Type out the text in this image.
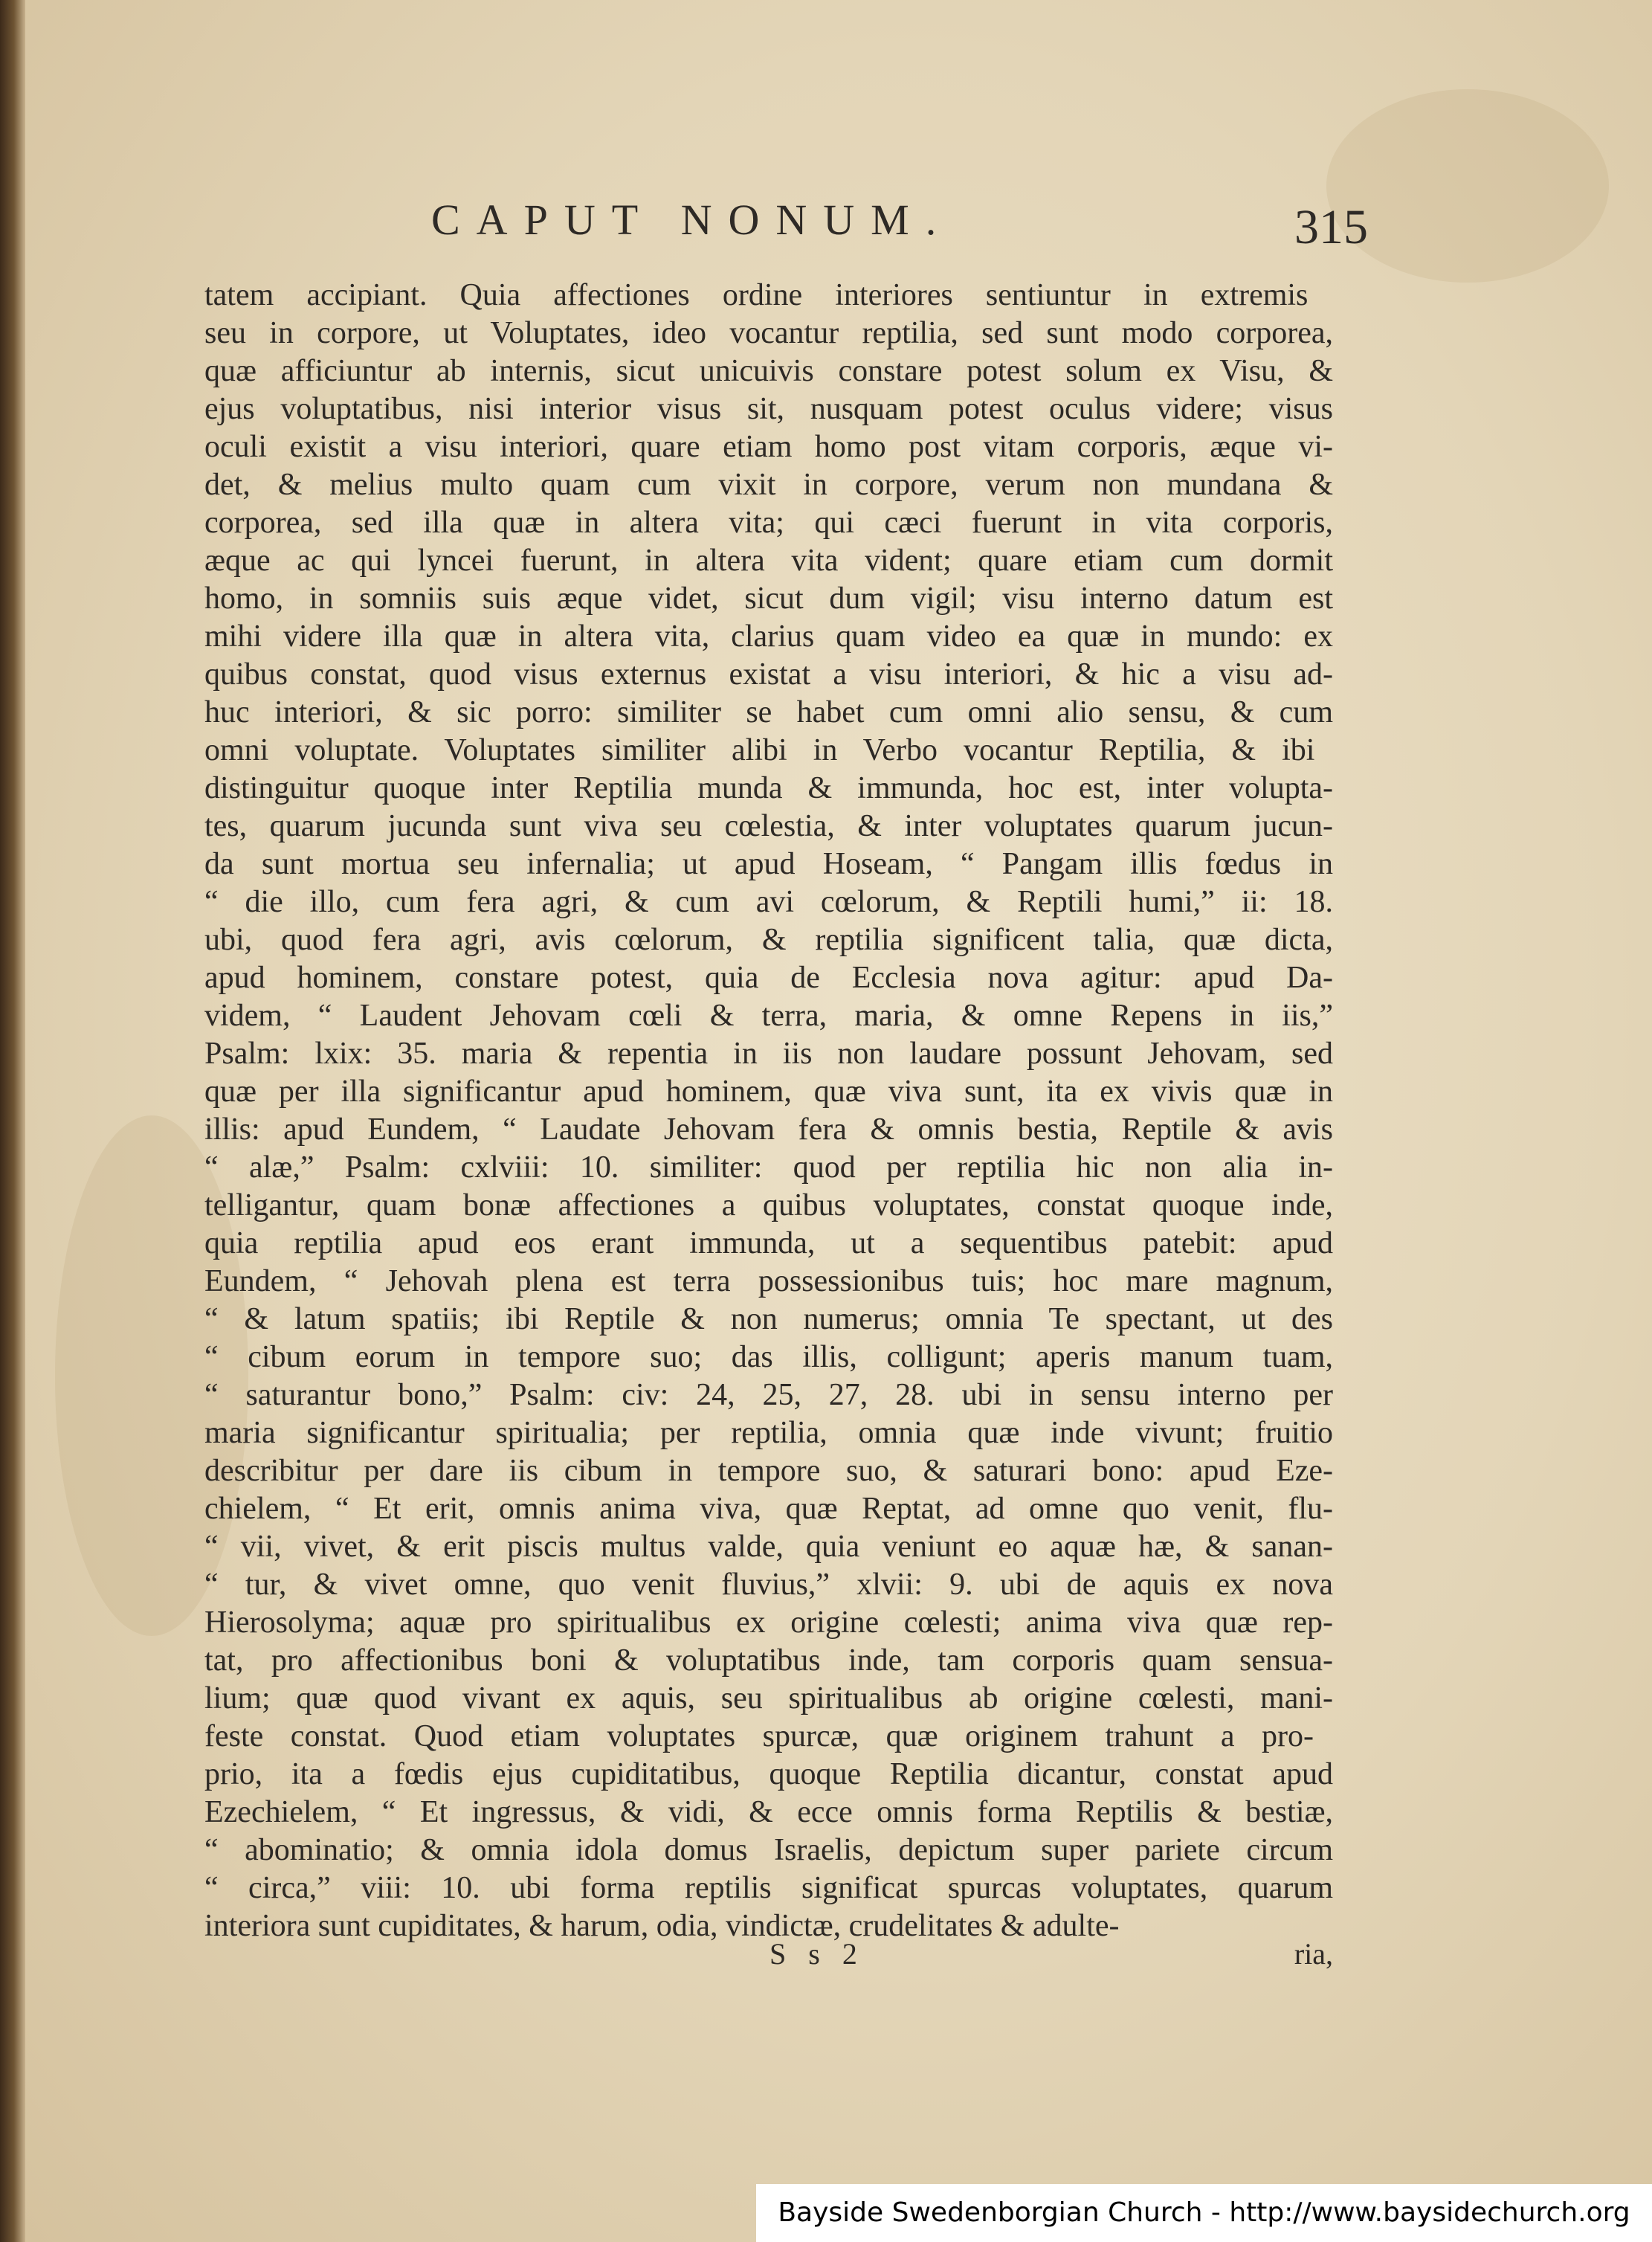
CAPUT NONUM.	315
tatem accipiant. Quia affectiones ordine interiores sentiuntur in extremis
seu in corpore, ut Voluptates, ideo vocantur reptilia, sed sunt modo corporea,
quæ afficiuntur ab internis, sicut unicuivis constare potest solum ex Visu, &
ejus voluptatibus, nisi interior visus sit, nusquam potest oculus videre; visus
oculi existit a visu interiori, quare etiam homo post vitam corporis, æque vi-
det, & melius multo quam cum vixit in corpore, verum non mundana &
corporea, sed illa quæ in altera vita; qui cæci fuerunt in vita corporis,
æque ac qui lyncei fuerunt, in altera vita vident; quare etiam cum dormit
homo, in somniis suis æque videt, sicut dum vigil; visu interno datum est
mihi videre illa quæ in altera vita, clarius quam video ea quæ in mundo: ex
quibus constat, quod visus externus existat a visu interiori, & hic a visu ad-
huc interiori, & sic porro: similiter se habet cum omni alio sensu, & cum
omni voluptate. Voluptates similiter alibi in Verbo vocantur Reptilia, & ibi
distinguitur quoque inter Reptilia munda & immunda, hoc est, inter volupta-
tes, quarum jucunda sunt viva seu cœlestia, & inter voluptates quarum jucun-
da sunt mortua seu infernalia; ut apud Hoseam, “ Pangam illis fœdus in
“ die illo, cum fera agri, & cum avi cœlorum, & Reptili humi,” ii: 18.
ubi, quod fera agri, avis cœlorum, & reptilia significent talia, quæ dicta,
apud hominem, constare potest, quia de Ecclesia nova agitur: apud Da-
videm, “ Laudent Jehovam cœli & terra, maria, & omne Repens in iis,”
Psalm: lxix: 35. maria & repentia in iis non laudare possunt Jehovam, sed
quæ per illa significantur apud hominem, quæ viva sunt, ita ex vivis quæ in
illis: apud Eundem, “ Laudate Jehovam fera & omnis bestia, Reptile & avis
“ alæ,” Psalm: cxlviii: 10. similiter: quod per reptilia hic non alia in-
telligantur, quam bonæ affectiones a quibus voluptates, constat quoque inde,
quia reptilia apud eos erant immunda, ut a sequentibus patebit: apud
Eundem, “ Jehovah plena est terra possessionibus tuis; hoc mare magnum,
“ & latum spatiis; ibi Reptile & non numerus; omnia Te spectant, ut des
“ cibum eorum in tempore suo; das illis, colligunt; aperis manum tuam,
“ saturantur bono,” Psalm: civ: 24, 25, 27, 28. ubi in sensu interno per
maria significantur spiritualia; per reptilia, omnia quæ inde vivunt; fruitio
describitur per dare iis cibum in tempore suo, & saturari bono: apud Eze-
chielem, “ Et erit, omnis anima viva, quæ Reptat, ad omne quo venit, flu-
“ vii, vivet, & erit piscis multus valde, quia veniunt eo aquæ hæ, & sanan-
“ tur, & vivet omne, quo venit fluvius,” xlvii: 9. ubi de aquis ex nova
Hierosolyma; aquæ pro spiritualibus ex origine cœlesti; anima viva quæ rep-
tat, pro affectionibus boni & voluptatibus inde, tam corporis quam sensua-
lium; quæ quod vivant ex aquis, seu spiritualibus ab origine cœlesti, mani-
feste constat. Quod etiam voluptates spurcæ, quæ originem trahunt a pro-
prio, ita a fœdis ejus cupiditatibus, quoque Reptilia dicantur, constat apud
Ezechielem, “ Et ingressus, & vidi, & ecce omnis forma Reptilis & bestiæ,
“ abominatio; & omnia idola domus Israelis, depictum super pariete circum
“ circa,” viii: 10. ubi forma reptilis significat spurcas voluptates, quarum
interiora sunt cupiditates, & harum, odia, vindictæ, crudelitates & adulte-
S s 2	ria,
Bayside Swedenborgian Church - http://www.baysidechurch.org
